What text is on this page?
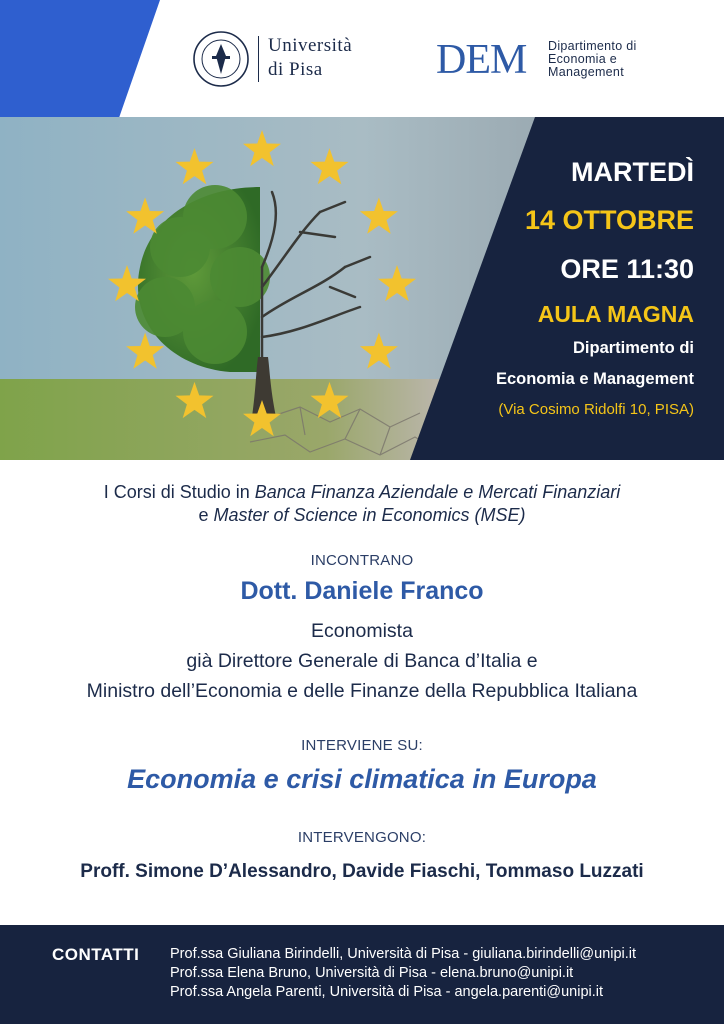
Università
di Pisa	DEM Dipartimento di
Economia e
Management
MARTEDÌ
14 OTTOBRE
ORE 11:30
AULA MAGNA
Dipartimento di
Economia e Management
(Via Cosimo Ridolfi 10, PISA)
I Corsi di Studio in Banca Finanza Aziendale e Mercati Finanziari
e Master of Science in Economics (MSE)
INCONTRANO
Dott. Daniele Franco
Economista
già Direttore Generale di Banca d’Italia e
Ministro dell’Economia e delle Finanze della Repubblica Italiana
INTERVIENE SU:
Economia e crisi climatica in Europa
INTERVENGONO:
Proff. Simone D’Alessandro, Davide Fiaschi, Tommaso Luzzati
CONTATTI Prof.ssa Giuliana Birindelli, Università di Pisa - giuliana.birindelli@unipi.it
Prof.ssa Elena Bruno, Università di Pisa - elena.bruno@unipi.it
Prof.ssa Angela Parenti, Università di Pisa - angela.parenti@unipi.it
